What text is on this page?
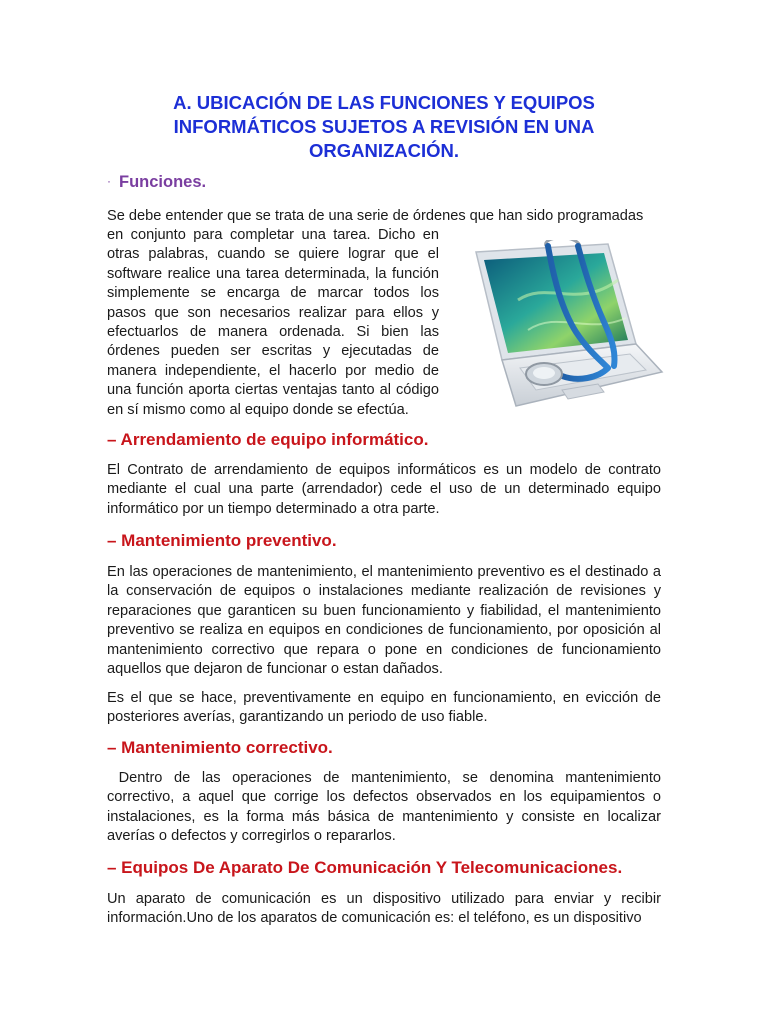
A. UBICACIÓN DE LAS FUNCIONES Y EQUIPOS INFORMÁTICOS SUJETOS A REVISIÓN EN UNA ORGANIZACIÓN.
· Funciones.

Se debe entender que se trata de una serie de órdenes que han sido programadas

en conjunto para completar una tarea. Dicho en otras palabras, cuando se quiere lograr que el software realice una tarea determinada, la función simplemente se encarga de marcar todos los pasos que son necesarios realizar para ellos y efectuarlos de manera ordenada. Si bien las órdenes pueden ser escritas y ejecutadas de manera independiente, el hacerlo por medio de una función aporta ciertas ventajas tanto al código en sí mismo como al equipo donde se efectúa.

– Arrendamiento de equipo informático.

El Contrato de arrendamiento de equipos informáticos es un modelo de contrato mediante el cual una parte (arrendador) cede el uso de un determinado equipo informático por un tiempo determinado a otra parte.

– Mantenimiento preventivo.

En las operaciones de mantenimiento, el mantenimiento preventivo es el destinado a la conservación de equipos o instalaciones mediante realización de revisiones y reparaciones que garanticen su buen funcionamiento y fiabilidad, el mantenimiento preventivo se realiza en equipos en condiciones de funcionamiento, por oposición al mantenimiento correctivo que repara o pone en condiciones de funcionamiento aquellos que dejaron de funcionar o estan dañados.

Es el que se hace, preventivamente en equipo en funcionamiento, en evicción de posteriores averías, garantizando un periodo de uso fiable.

– Mantenimiento correctivo.

Dentro de las operaciones de mantenimiento, se denomina mantenimiento correctivo, a aquel que corrige los defectos observados en los equipamientos o instalaciones, es la forma más básica de mantenimiento y consiste en localizar averías o defectos y corregirlos o repararlos.

– Equipos De Aparato De Comunicación Y Telecomunicaciones.

Un aparato de comunicación es un dispositivo utilizado para enviar y recibir información.Uno de los aparatos de comunicación es: el teléfono, es un dispositivo
